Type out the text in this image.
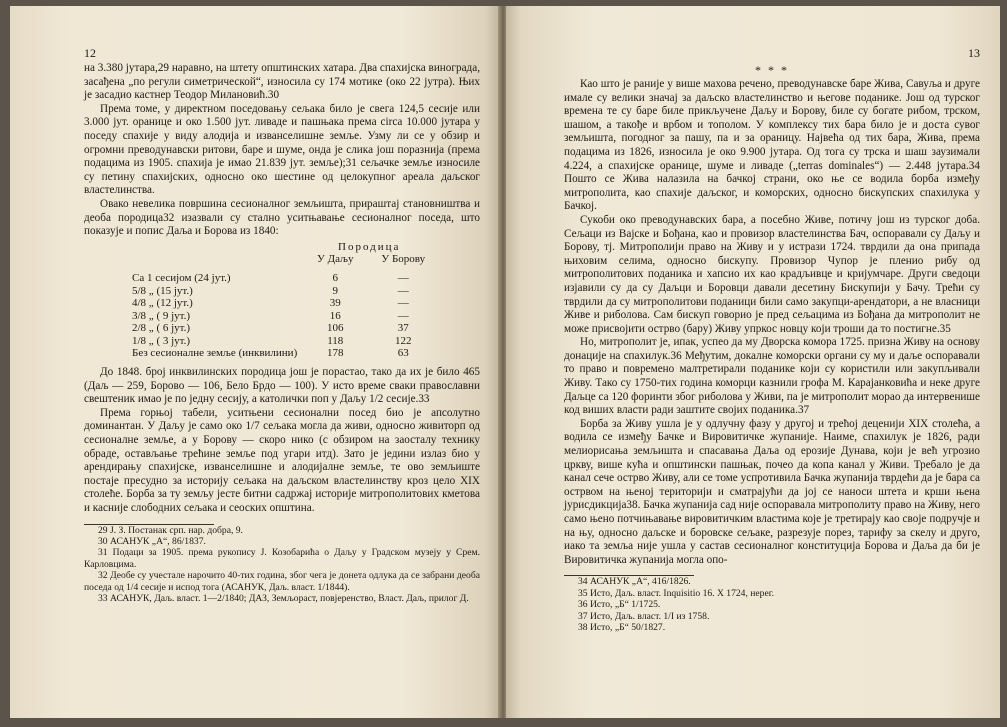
12

на 3.380 јутара,29 наравно, на штету општинских хатара. Два спахијска винограда, засађена „по регули симетрической“, износила су 174 мотике (око 22 јутра). Њих је засадио кастнер Теодор Милановић.30

Према томе, у директном поседовању сељака било је свега 124,5 сесије или 3.000 јут. оранице и око 1.500 јут. ливаде и пашњака према circa 10.000 јутара у поседу спахије у виду алодија и изванселишне земље. Узму ли се у обзир и огромни преводунавски ритови, баре и шуме, онда је слика још поразнија (према подацима из 1905. спахија је имао 21.839 јут. земље);31 сељачке земље износиле су петину спахијских, односно око шестине од целокупног ареала даљског властелинства.

Овако невелика површина сесионалног земљишта, прираштај становништва и деоба породица32 изазвали су стално уситњавање сесионалног поседа, што показује и попис Даља и Борова из 1840:

	Породица	
	У Даљу	У Борову

Са 1 сесијом (24 јут.)	6	—
5/8 „ (15 јут.)	9	—
4/8 „ (12 јут.)	39	—
3/8 „ ( 9 јут.)	16	—
2/8 „ ( 6 јут.)	106	37
1/8 „ ( 3 јут.)	118	122
Без сесионалне земље (инквилини)	178	63

До 1848. број инквилинских породица још је порастао, тако да их је било 465 (Даљ — 259, Борово — 106, Бело Брдо — 100). У исто време сваки православни свештеник имао је по једну сесију, а католички поп у Даљу 1/2 сесије.33

Према горњој табели, уситњени сесионални посед био је апсолутно доминантан. У Даљу је само око 1/7 сељака могла да живи, односно живиторп од сесионалне земље, а у Борову — скоро нико (с обзиром на заосталу технику обраде, остављање трећине земље под угари итд). Зато је једини излаз био у арендирању спахијске, изванселишне и алодијалне земље, те ово земљиште постаје пресудно за историју сељака на даљском властелинству кроз цело XIX столеће. Борба за ту земљу јесте битни садржај историје митрополитових кметова и касније слободних сељака и сеоских општина.

29 Ј. З. Постанак срп. нар. добра, 9.

30 АСАНУК „А“, 86/1837.

31 Подаци за 1905. према рукопису Ј. Козобарића о Даљу у Градском музеју у Срем. Карловцима.

32 Деобе су учестале нарочито 40-тих година, због чега је донета одлука да се забрани деоба поседа од 1/4 сесије и испод тога (АСАНУК, Даљ. власт. 1/1844).

33 АСАНУК, Даљ. власт. 1—2/1840; ДАЗ, Земљораст, повјеренство, Власт. Даљ, прилог Д.

13
* * *

Као што је раније у више махова речено, преводунавске баре Жива, Савуља и друге имале су велики значај за даљско властелинство и његове поданике. Још од турског времена те су баре биле прикључене Даљу и Борову, биле су богате рибом, трском, шашом, а такође и врбом и тополом. У комплексу тих бара било је и доста сувог земљишта, погодног за пашу, па и за ораницу. Највећа од тих бара, Жива, према подацима из 1826, износила је око 9.900 јутара. Од тога су трска и шаш заузимали 4.224, а спахијске оранице, шуме и ливаде („terras dominales“) — 2.448 јутара.34 Пошто се Жива налазила на бачкој страни, око ње се водила борба између митрополита, као спахије даљског, и коморских, односно бискупских спахилука у Бачкој.

Сукоби око преводунавских бара, а посебно Живе, потичу још из турског доба. Сељаци из Вајске и Бођана, као и провизор властелинства Бач, оспоравали су Даљу и Борову, тј. Митрополији право на Живу и у истрази 1724. тврдили да она припада њиховим селима, односно бискупу. Провизор Чупор је пленио рибу од митрополитових поданика и хапсио их као крадљивце и кријумчаре. Други сведоци изјавили су да су Даљци и Боровци давали десетину Бискупији у Бачу. Трећи су тврдили да су митрополитови поданици били само закупци-арендатори, а не власници Живе и риболова. Сам бискуп говорио је пред сељацима из Бођана да митрополит не може присвојити острво (бару) Живу упркос новцу који троши да то постигне.35

Но, митрополит је, ипак, успео да му Дворска комора 1725. призна Живу на основу донације на спахилук.36 Међутим, докалне коморски органи су му и даље оспоравали то право и повремено малтретирали поданике који су користили или закупљивали Живу. Тако су 1750-тих година коморци казнили грофа М. Карајанковића и неке друге Даљце са 120 форинти због риболова у Живи, па је митрополит морао да интервенише код виших власти ради заштите својих поданика.37

Борба за Живу ушла је у одлучну фазу у другој и трећој деценији XIX столећа, а водила се између Бачке и Вировитичке жупаније. Наиме, спахилук је 1826, ради мелиорисања земљишта и спасавања Даља од ерозије Дунава, који је већ угрозио цркву, више кућа и општински пашњак, почео да копа канал у Живи. Требало је да канал сече острво Живу, али се томе успротивила Бачка жупанија тврдећи да је бара са острвом на њеној територији и сматрајући да јој се наноси штета и крши њена јурисдикција38. Бачка жупанија сад није оспоравала митрополиту право на Живу, него само њено потчињавање вировитичким властима које је третирају као своје подручје и на њу, односно даљске и боровске сељаке, разрезује порез, тарифу за скелу и друго, иако та земља није ушла у састав сесионалног конституција Борова и Даља да би је Вировитичка жупанија могла опо-

34 АСАНУК „А“, 416/1826.

35 Исто, Даљ. власт. Inquisitio 16. X 1724, нерег.

36 Исто, „Б“ 1/1725.

37 Исто, Даљ. власт. 1/I из 1758.

38 Исто, „Б“ 50/1827.
